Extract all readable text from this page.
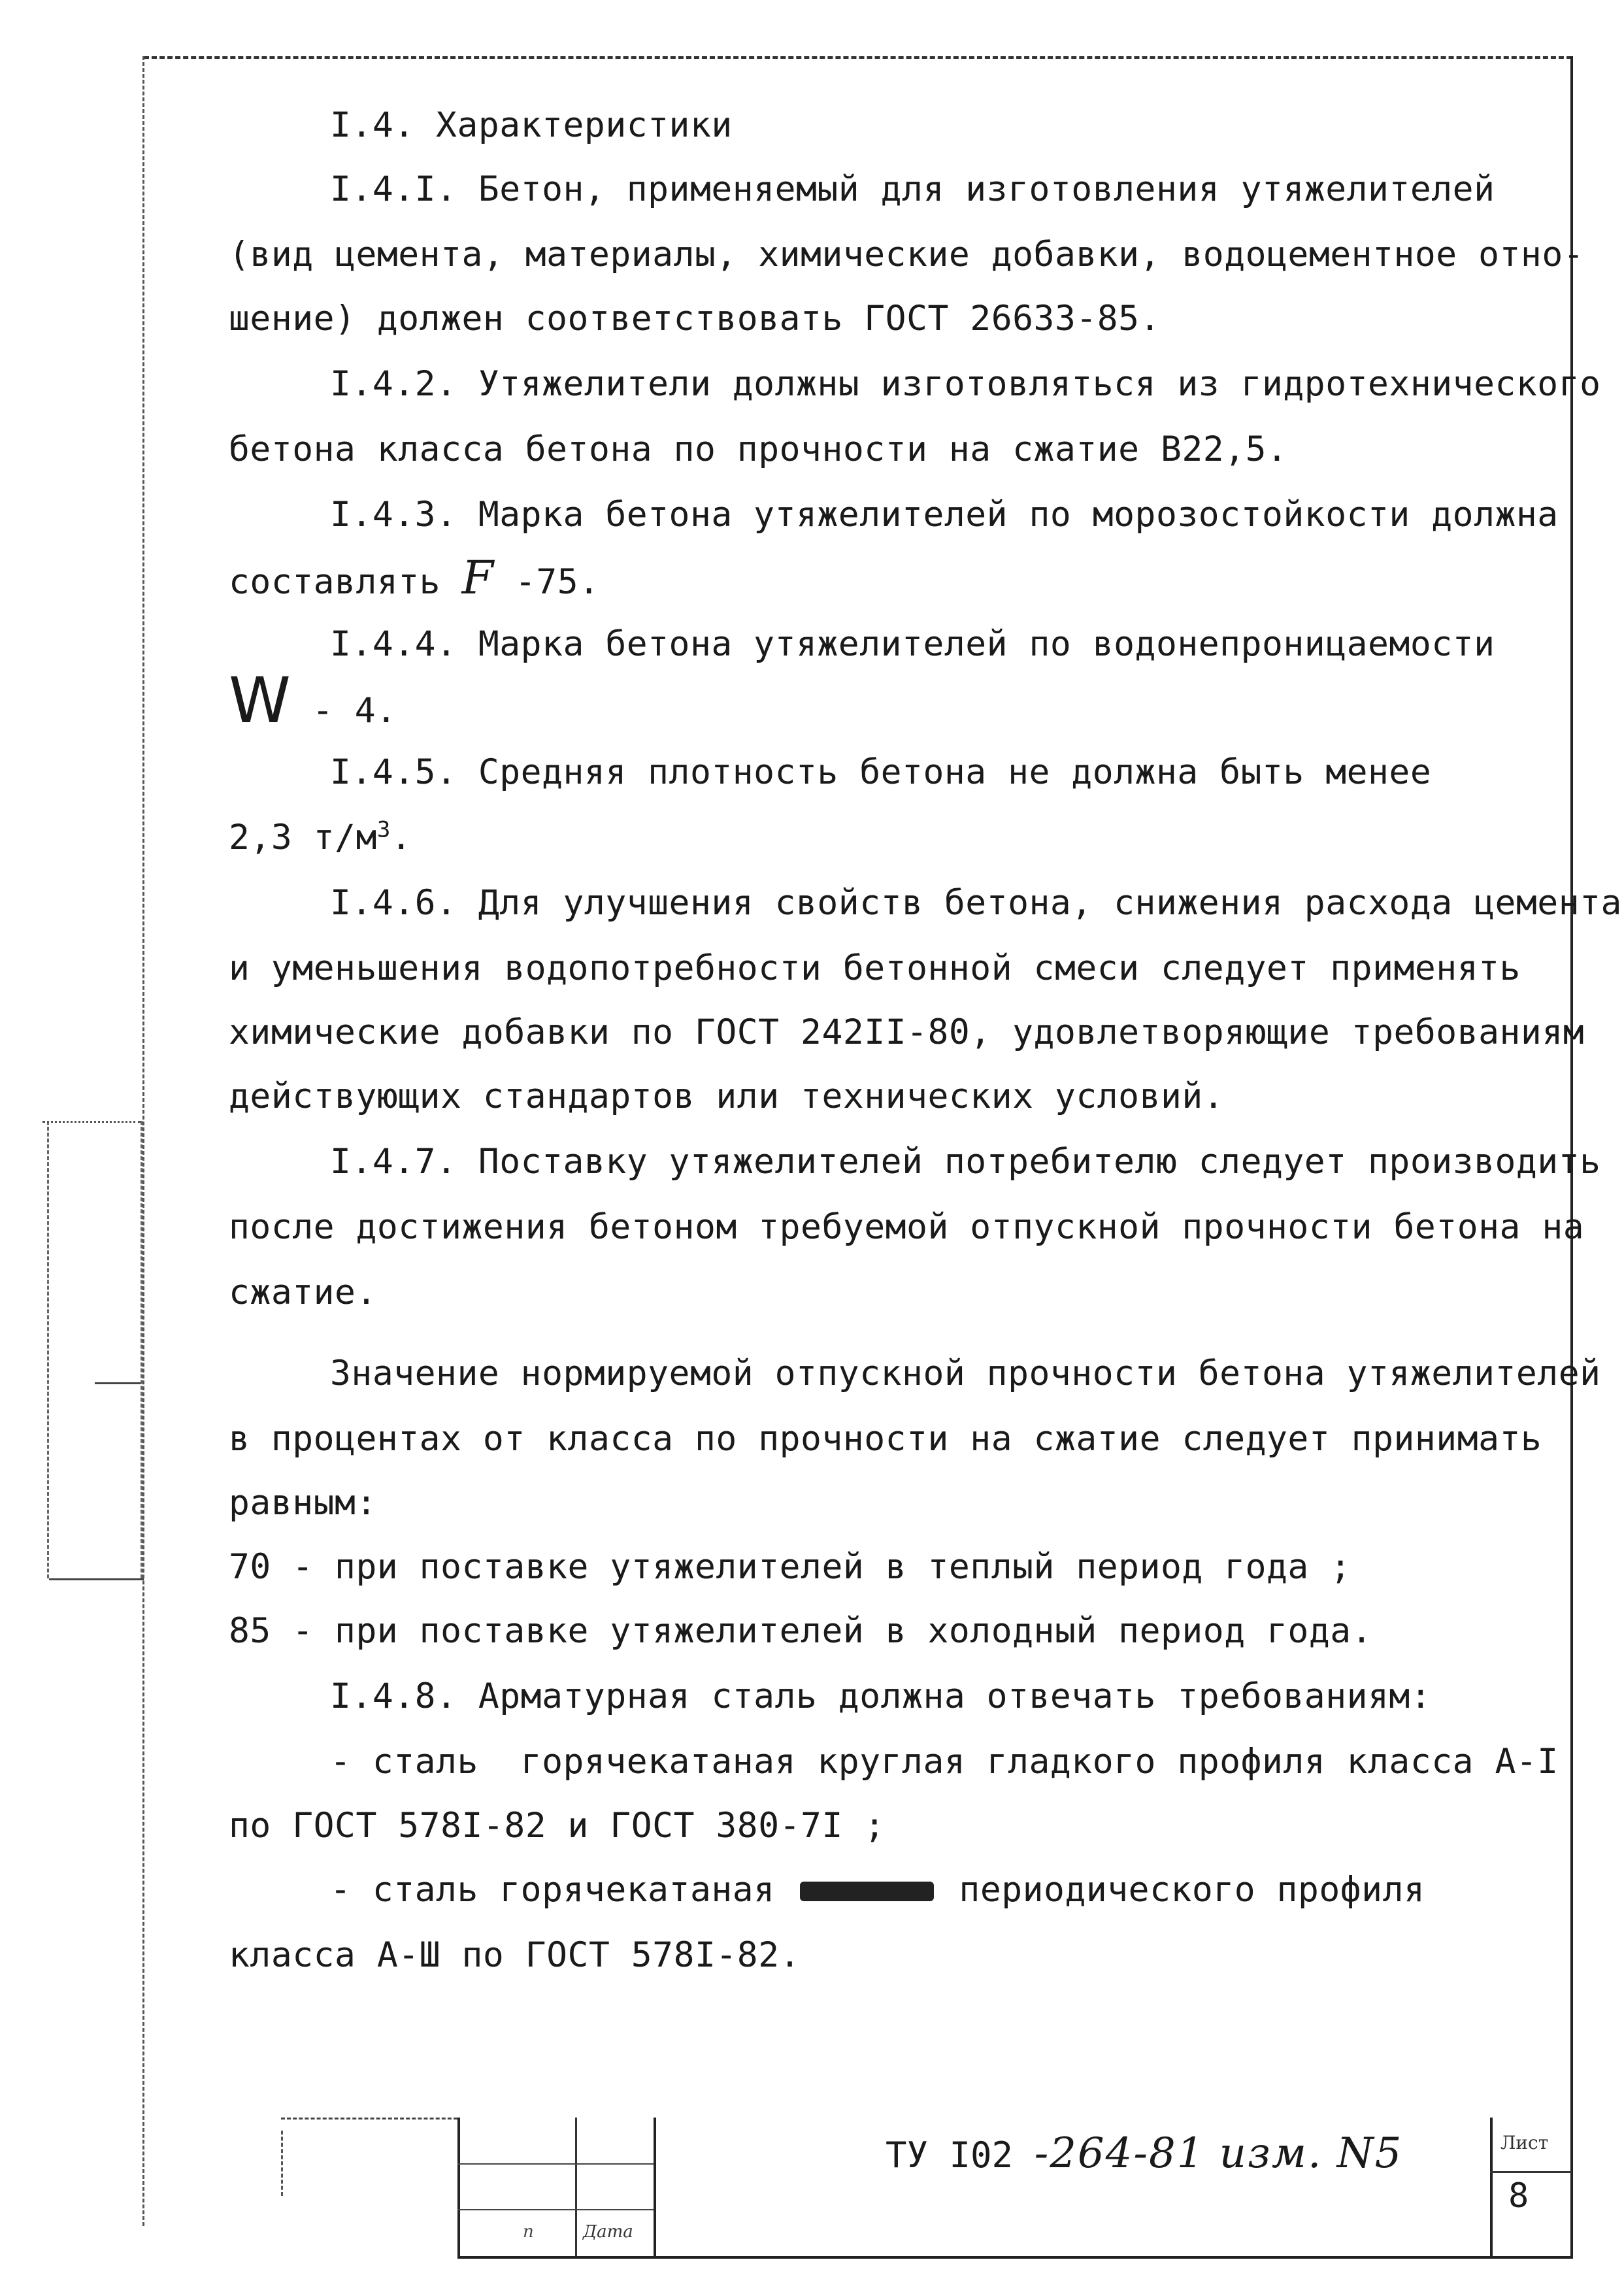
I.4. Характеристики
I.4.I. Бетон, применяемый для изготовления утяжелителей
(вид цемента, материалы, химические добавки, водоцементное отно-
шение) должен соответствовать ГОСТ 26633-85.
I.4.2. Утяжелители должны изготовляться из гидротехнического
бетона класса бетона по прочности на сжатие В22,5.
I.4.3. Марка бетона утяжелителей по морозостойкости должна
составлять F -75.
I.4.4. Марка бетона утяжелителей по водонепроницаемости
W - 4.
I.4.5. Средняя плотность бетона не должна быть менее
2,3 $т/м^3$.
I.4.6. Для улучшения свойств бетона, снижения расхода цемента
и уменьшения водопотребности бетонной смеси следует применять
химические добавки по ГОСТ 242II-80, удовлетворяющие требованиям
действующих стандартов или технических условий.
I.4.7. Поставку утяжелителей потребителю следует производить
после достижения бетоном требуемой отпускной прочности бетона на
сжатие.
Значение нормируемой отпускной прочности бетона утяжелителей
в процентах от класса по прочности на сжатие следует принимать
равным:
70 - при поставке утяжелителей в теплый период года ;
85 - при поставке утяжелителей в холодный период года.
I.4.8. Арматурная сталь должна отвечать требованиям:
- сталь  горячекатаная круглая гладкого профиля класса А-I
по ГОСТ 578I-82 и ГОСТ 380-7I ;
- сталь горячекатаная	периодического профиля
класса А-Ш по ГОСТ 578I-82.
ТУ I02 -264-81 изм. N5	Лист
8
Дата
п
